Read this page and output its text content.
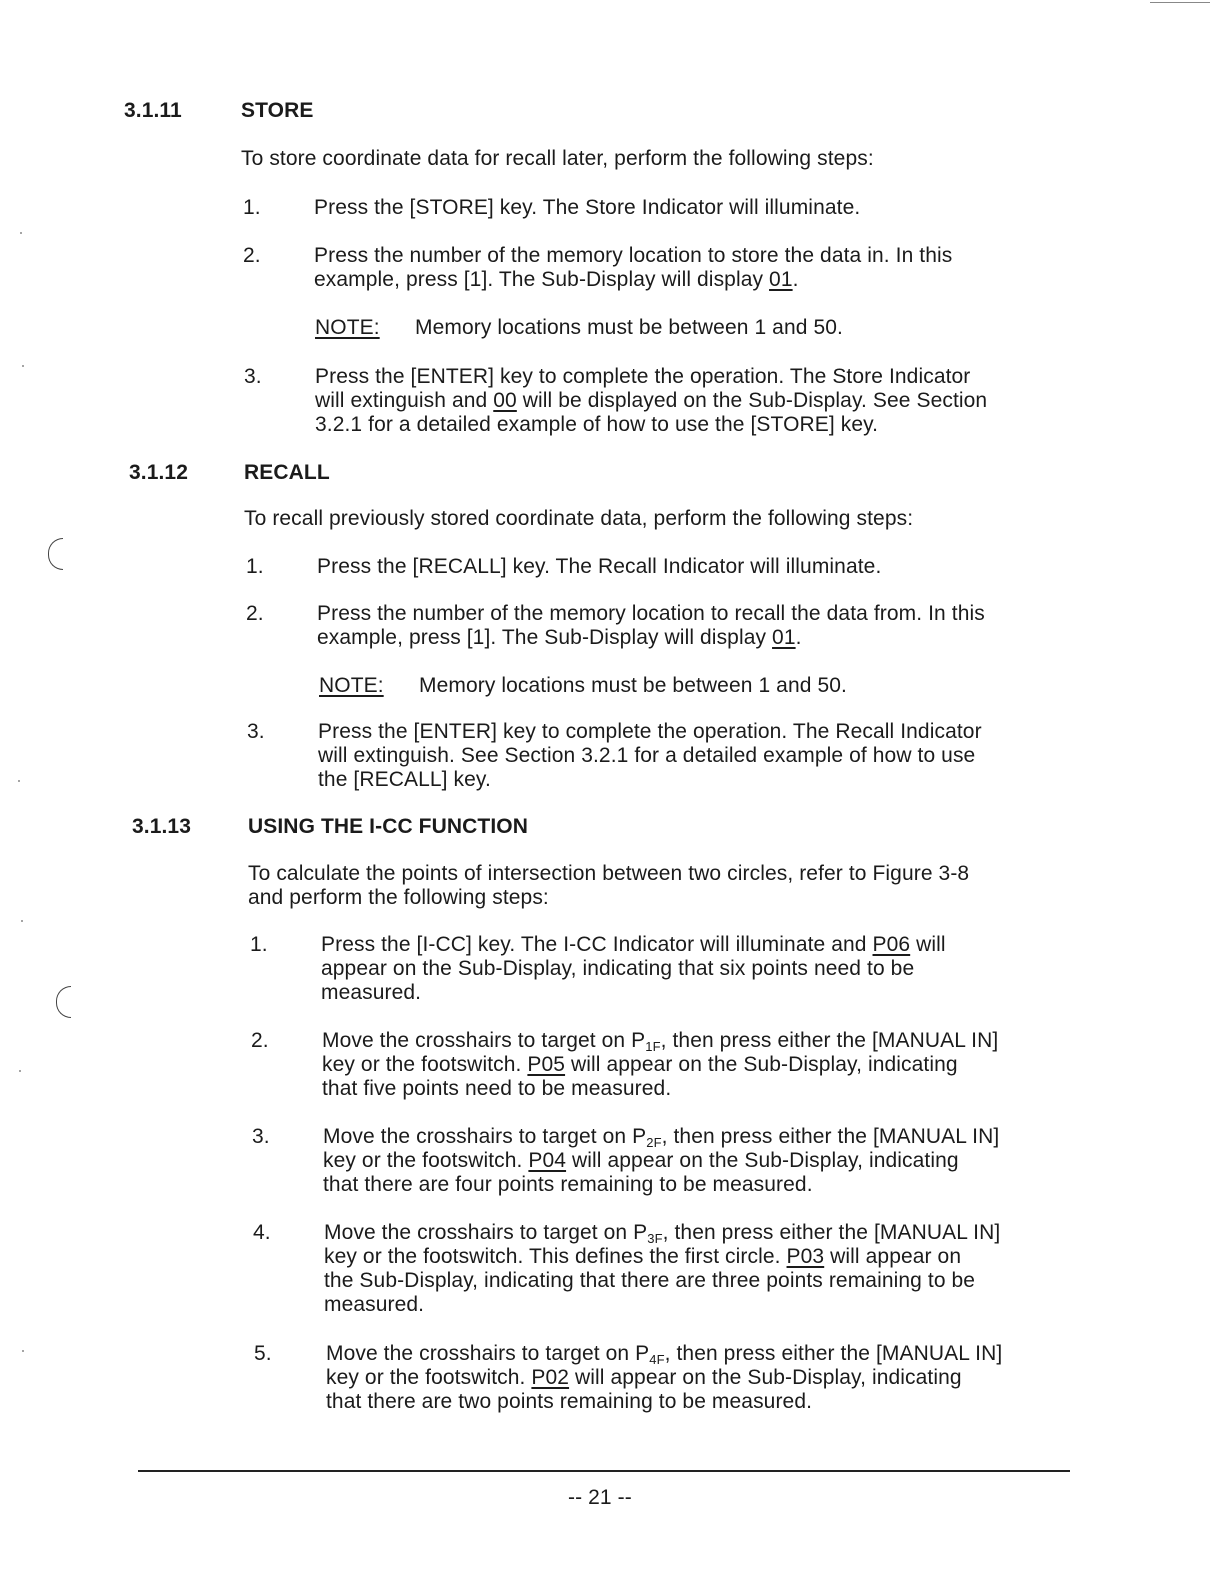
3.1.11	STORE
To store coordinate data for recall later, perform the following steps:
1.	Press the [STORE] key. The Store Indicator will illuminate.
2.	Press the number of the memory location to store the data in. In this
example, press [1]. The Sub-Display will display 01.
NOTE: Memory locations must be between 1 and 50.
3.	Press the [ENTER] key to complete the operation. The Store Indicator
will extinguish and 00 will be displayed on the Sub-Display. See Section
3.2.1 for a detailed example of how to use the [STORE] key.
3.1.12	RECALL
To recall previously stored coordinate data, perform the following steps:
1.	Press the [RECALL] key. The Recall Indicator will illuminate.
2.	Press the number of the memory location to recall the data from. In this
example, press [1]. The Sub-Display will display 01.
NOTE: Memory locations must be between 1 and 50.
3.	Press the [ENTER] key to complete the operation. The Recall Indicator
will extinguish. See Section 3.2.1 for a detailed example of how to use
the [RECALL] key.
3.1.13	USING THE I-CC FUNCTION
To calculate the points of intersection between two circles, refer to Figure 3-8
and perform the following steps:
1.	Press the [I-CC] key. The I-CC Indicator will illuminate and P06 will
appear on the Sub-Display, indicating that six points need to be
measured.
2.	Move the crosshairs to target on $P_{1F}$, then press either the [MANUAL IN]
key or the footswitch. P05 will appear on the Sub-Display, indicating
that five points need to be measured.
3.	Move the crosshairs to target on $P_{2F}$, then press either the [MANUAL IN]
key or the footswitch. P04 will appear on the Sub-Display, indicating
that there are four points remaining to be measured.
4.	Move the crosshairs to target on $P_{3F}$, then press either the [MANUAL IN]
key or the footswitch. This defines the first circle. P03 will appear on
the Sub-Display, indicating that there are three points remaining to be
measured.
5.	Move the crosshairs to target on $P_{4F}$, then press either the [MANUAL IN]
key or the footswitch. P02 will appear on the Sub-Display, indicating
that there are two points remaining to be measured.
-- 21 --
